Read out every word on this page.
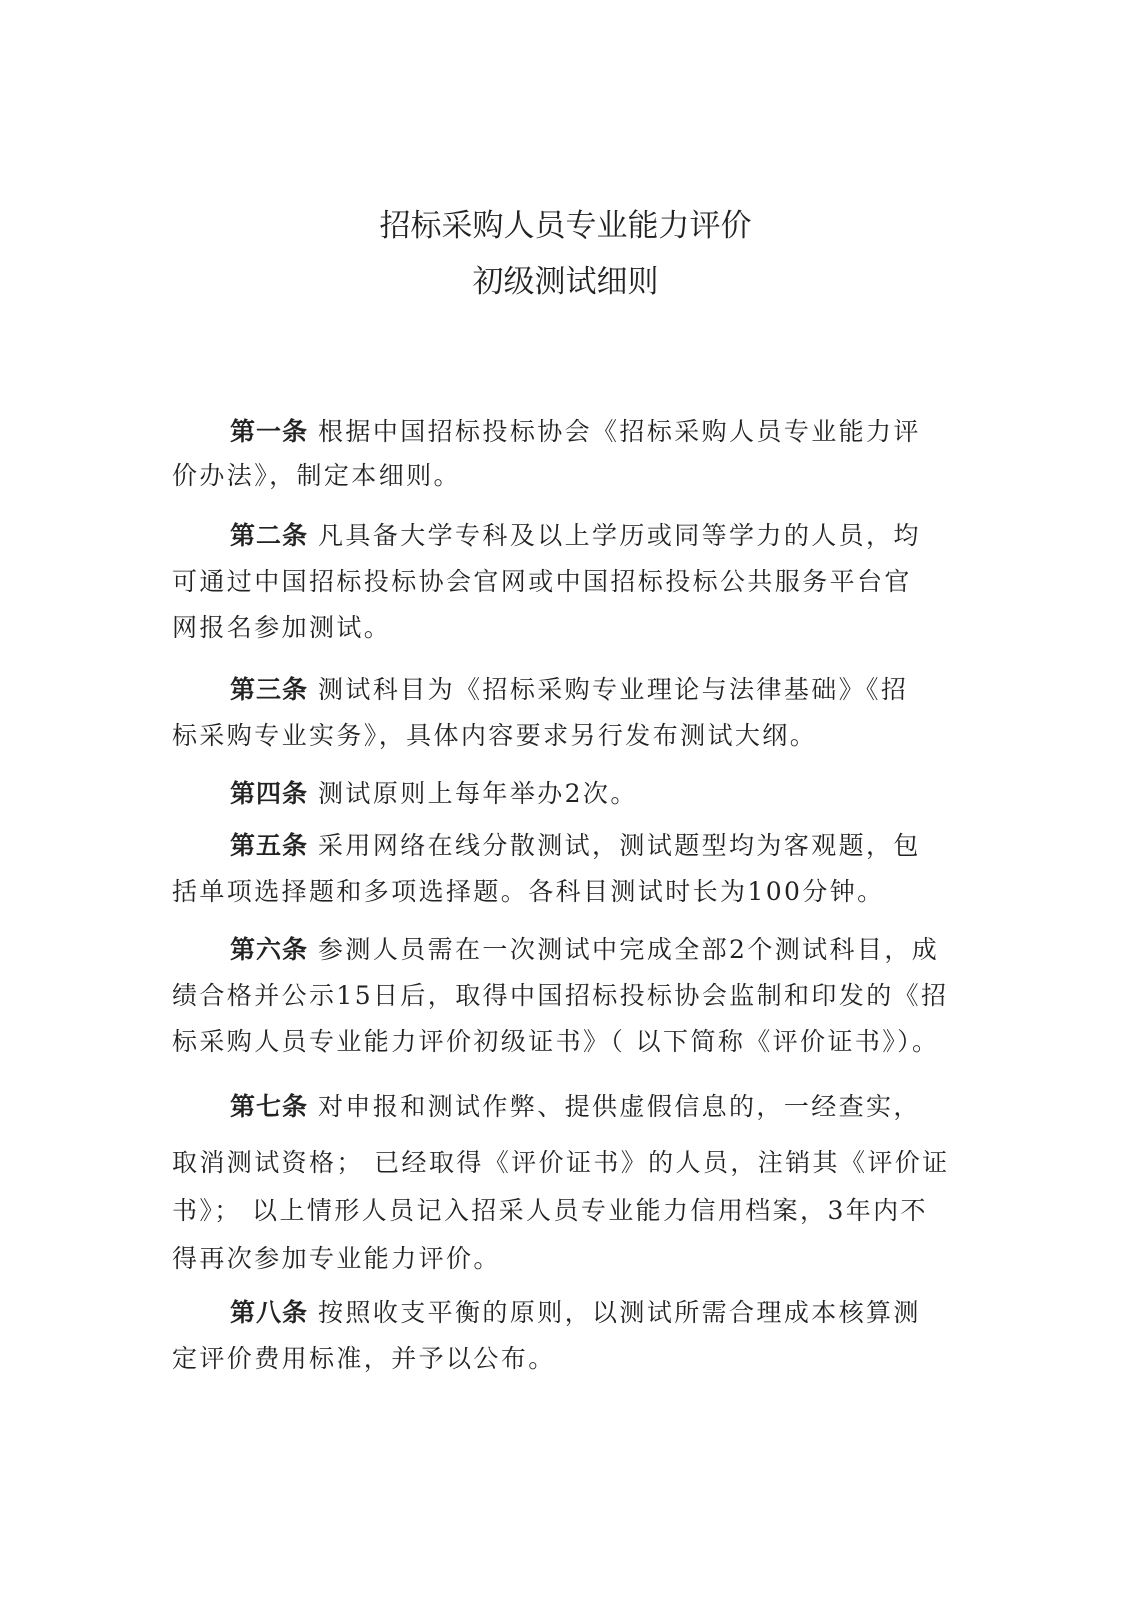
招标采购人员专业能力评价
初级测试细则
第一条 根据中国招标投标协会《招标采购人员专业能力评
价办法》，制定本细则。
第二条 凡具备大学专科及以上学历或同等学力的人员，均
可通过中国招标投标协会官网或中国招标投标公共服务平台官
网报名参加测试。
第三条 测试科目为《招标采购专业理论与法律基础》《招
标采购专业实务》，具体内容要求另行发布测试大纲。
第四条 测试原则上每年举办2次。
第五条 采用网络在线分散测试，测试题型均为客观题，包
括单项选择题和多项选择题。各科目测试时长为100分钟。
第六条 参测人员需在一次测试中完成全部2个测试科目，成
绩合格并公示15日后，取得中国招标投标协会监制和印发的《招
标采购人员专业能力评价初级证书》（ 以下简称《评价证书》）。
第七条 对申报和测试作弊、提供虚假信息的，一经查实，
取消测试资格； 已经取得《评价证书》的人员，注销其《评价证
书》； 以上情形人员记入招采人员专业能力信用档案，3年内不
得再次参加专业能力评价。
第八条 按照收支平衡的原则，以测试所需合理成本核算测
定评价费用标准，并予以公布。
